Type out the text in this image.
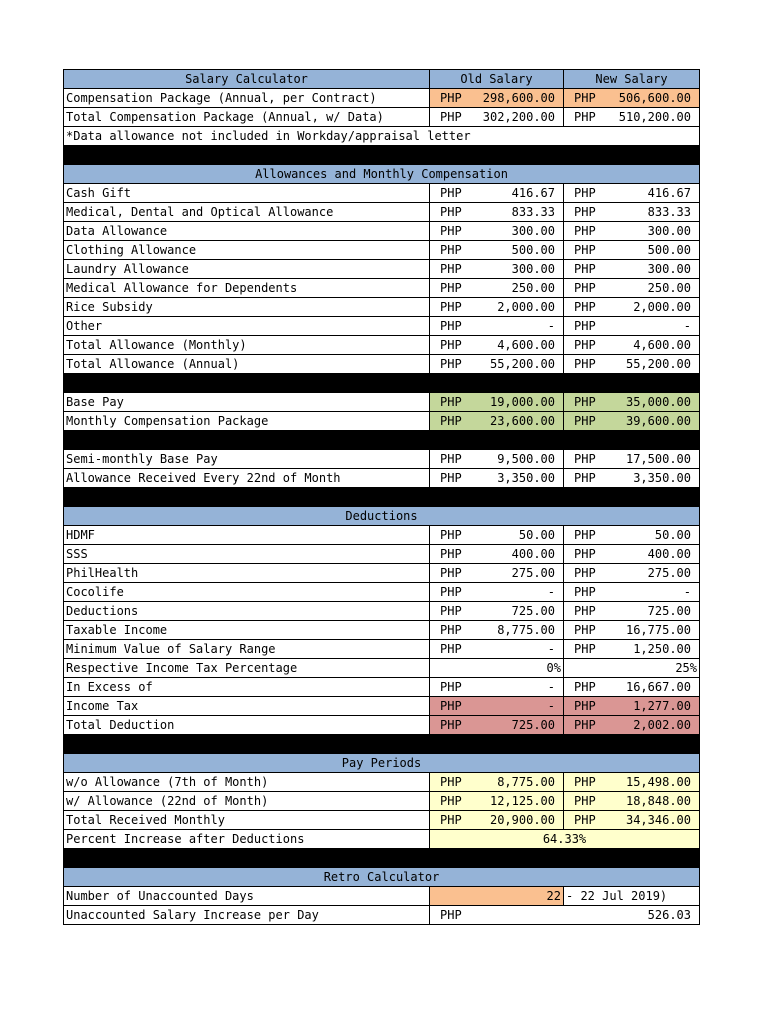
Salary Calculator	Old Salary		New Salary	
Compensation Package (Annual, per Contract)	PHP	298,600.00	PHP	506,600.00
Total Compensation Package (Annual, w/ Data)	PHP	302,200.00	PHP	510,200.00
*Data allowance not included in Workday/appraisal letter				

Allowances and Monthly Compensation				
Cash Gift	PHP	416.67	PHP	416.67
Medical, Dental and Optical Allowance	PHP	833.33	PHP	833.33
Data Allowance	PHP	300.00	PHP	300.00
Clothing Allowance	PHP	500.00	PHP	500.00
Laundry Allowance	PHP	300.00	PHP	300.00
Medical Allowance for Dependents	PHP	250.00	PHP	250.00
Rice Subsidy	PHP	2,000.00	PHP	2,000.00
Other	PHP	-	PHP	-
Total Allowance (Monthly)	PHP	4,600.00	PHP	4,600.00
Total Allowance (Annual)	PHP	55,200.00	PHP	55,200.00

Base Pay	PHP	19,000.00	PHP	35,000.00
Monthly Compensation Package	PHP	23,600.00	PHP	39,600.00

Semi-monthly Base Pay	PHP	9,500.00	PHP	17,500.00
Allowance Received Every 22nd of Month	PHP	3,350.00	PHP	3,350.00

Deductions				
HDMF	PHP	50.00	PHP	50.00
SSS	PHP	400.00	PHP	400.00
PhilHealth	PHP	275.00	PHP	275.00
Cocolife	PHP	-	PHP	-
Deductions	PHP	725.00	PHP	725.00
Taxable Income	PHP	8,775.00	PHP	16,775.00
Minimum Value of Salary Range	PHP	-	PHP	1,250.00
Respective Income Tax Percentage	0%		25%	
In Excess of	PHP	-	PHP	16,667.00
Income Tax	PHP	-	PHP	1,277.00
Total Deduction	PHP	725.00	PHP	2,002.00

Pay Periods				
w/o Allowance (7th of Month)	PHP	8,775.00	PHP	15,498.00
w/ Allowance (22nd of Month)	PHP	12,125.00	PHP	18,848.00
Total Received Monthly	PHP	20,900.00	PHP	34,346.00
Percent Increase after Deductions	64.33%			

Retro Calculator				
Number of Unaccounted Days	22		- 22 Jul 2019)	
Unaccounted Salary Increase per Day	PHP	526.03		
